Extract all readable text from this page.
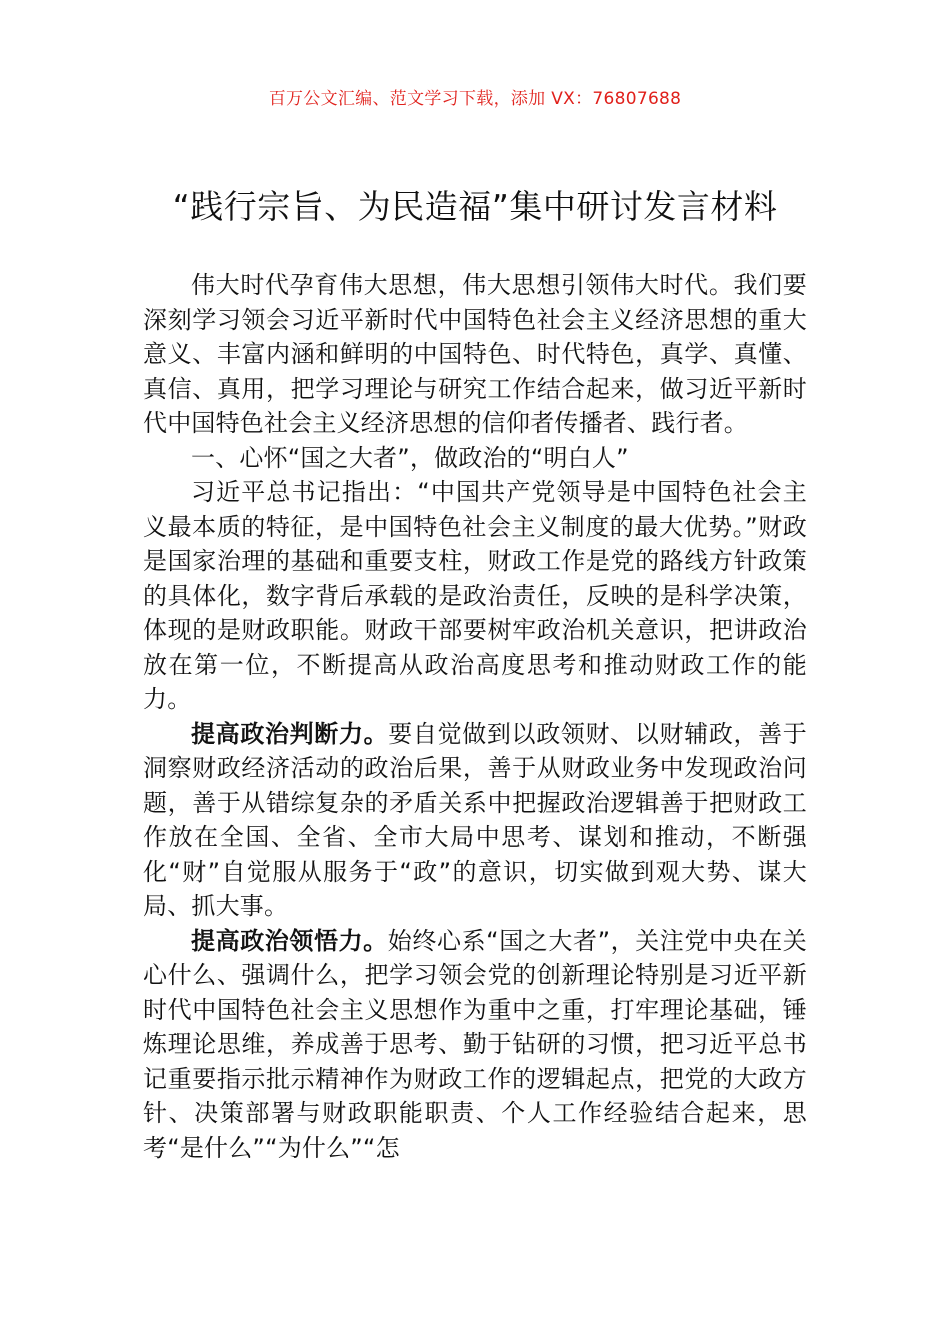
百万公文汇编、范文学习下载，添加 VX：76807688
“践行宗旨、为民造福”集中研讨发言材料

伟大时代孕育伟大思想，伟大思想引领伟大时代。我们要深刻学习领会习近平新时代中国特色社会主义经济思想的重大意义、丰富内涵和鲜明的中国特色、时代特色，真学、真懂、真信、真用，把学习理论与研究工作结合起来，做习近平新时代中国特色社会主义经济思想的信仰者传播者、践行者。

一、心怀“国之大者”，做政治的“明白人”

习近平总书记指出：“中国共产党领导是中国特色社会主义最本质的特征，是中国特色社会主义制度的最大优势。”财政是国家治理的基础和重要支柱，财政工作是党的路线方针政策的具体化，数字背后承载的是政治责任，反映的是科学决策，体现的是财政职能。财政干部要树牢政治机关意识，把讲政治放在第一位，不断提高从政治高度思考和推动财政工作的能力。

提高政治判断力。要自觉做到以政领财、以财辅政，善于洞察财政经济活动的政治后果，善于从财政业务中发现政治问题，善于从错综复杂的矛盾关系中把握政治逻辑善于把财政工作放在全国、全省、全市大局中思考、谋划和推动，不断强化“财”自觉服从服务于“政”的意识，切实做到观大势、谋大局、抓大事。

提高政治领悟力。始终心系“国之大者”，关注党中央在关心什么、强调什么，把学习领会党的创新理论特别是习近平新时代中国特色社会主义思想作为重中之重，打牢理论基础，锤炼理论思维，养成善于思考、勤于钻研的习惯，把习近平总书记重要指示批示精神作为财政工作的逻辑起点，把党的大政方针、决策部署与财政职能职责、个人工作经验结合起来，思考“是什么”“为什么”“怎
